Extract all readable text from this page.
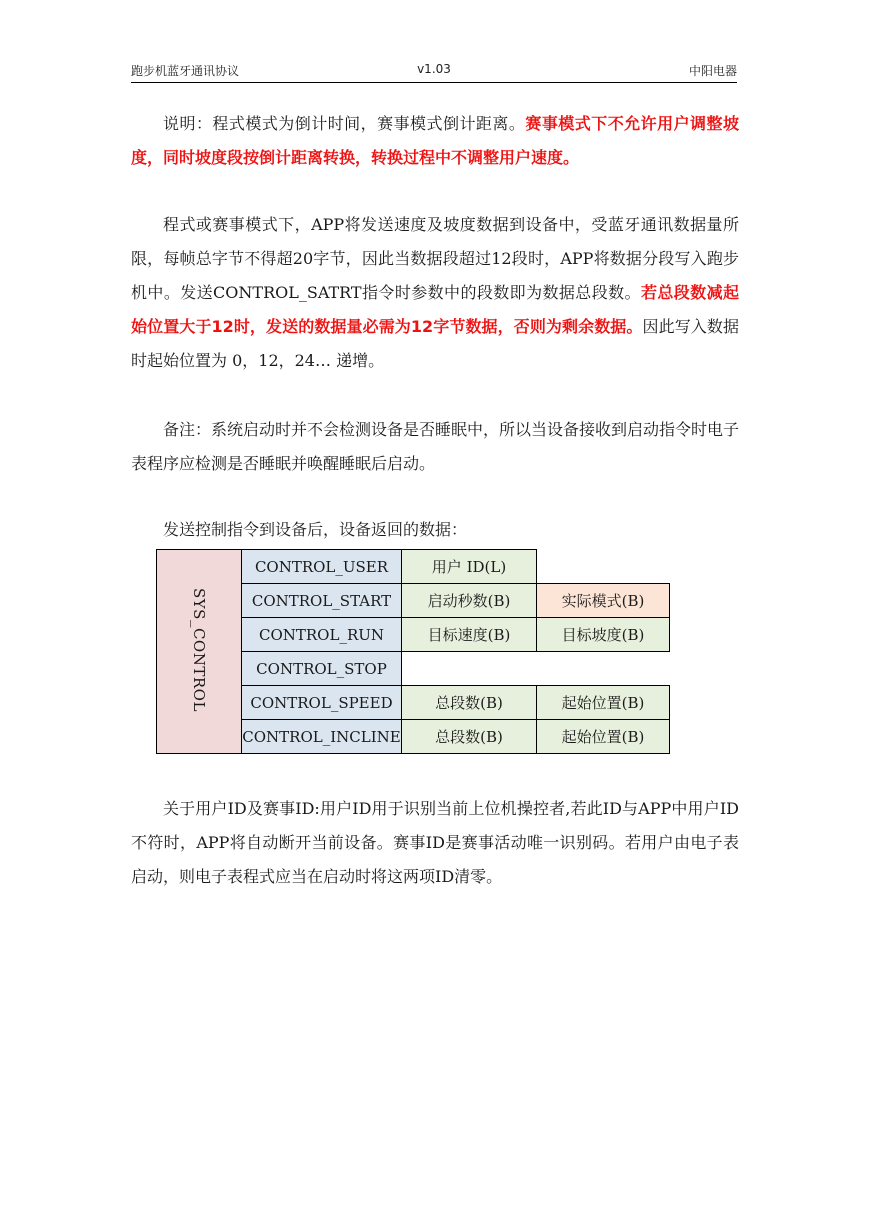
跑步机蓝牙通讯协议	v1.03	中阳电器

说明：程式模式为倒计时间，赛事模式倒计距离。赛事模式下不允许用户调整坡度，同时坡度段按倒计距离转换，转换过程中不调整用户速度。

程式或赛事模式下，APP将发送速度及坡度数据到设备中，受蓝牙通讯数据量所限，每帧总字节不得超20字节，因此当数据段超过12段时，APP将数据分段写入跑步机中。发送CONTROL_SATRT指令时参数中的段数即为数据总段数。若总段数减起始位置大于12时，发送的数据量必需为12字节数据，否则为剩余数据。因此写入数据时起始位置为 0，12，24… 递增。

备注：系统启动时并不会检测设备是否睡眠中，所以当设备接收到启动指令时电子表程序应检测是否睡眠并唤醒睡眠后启动。

发送控制指令到设备后，设备返回的数据：

SYS_CONTROL	CONTROL_USER	用户 ID(L)	
	CONTROL_START	启动秒数(B)	实际模式(B)
	CONTROL_RUN	目标速度(B)	目标坡度(B)
	CONTROL_STOP		
	CONTROL_SPEED	总段数(B)	起始位置(B)
	CONTROL_INCLINE	总段数(B)	起始位置(B)

关于用户ID及赛事ID:用户ID用于识别当前上位机操控者,若此ID与APP中用户ID不符时，APP将自动断开当前设备。赛事ID是赛事活动唯一识别码。若用户由电子表启动，则电子表程式应当在启动时将这两项ID清零。
